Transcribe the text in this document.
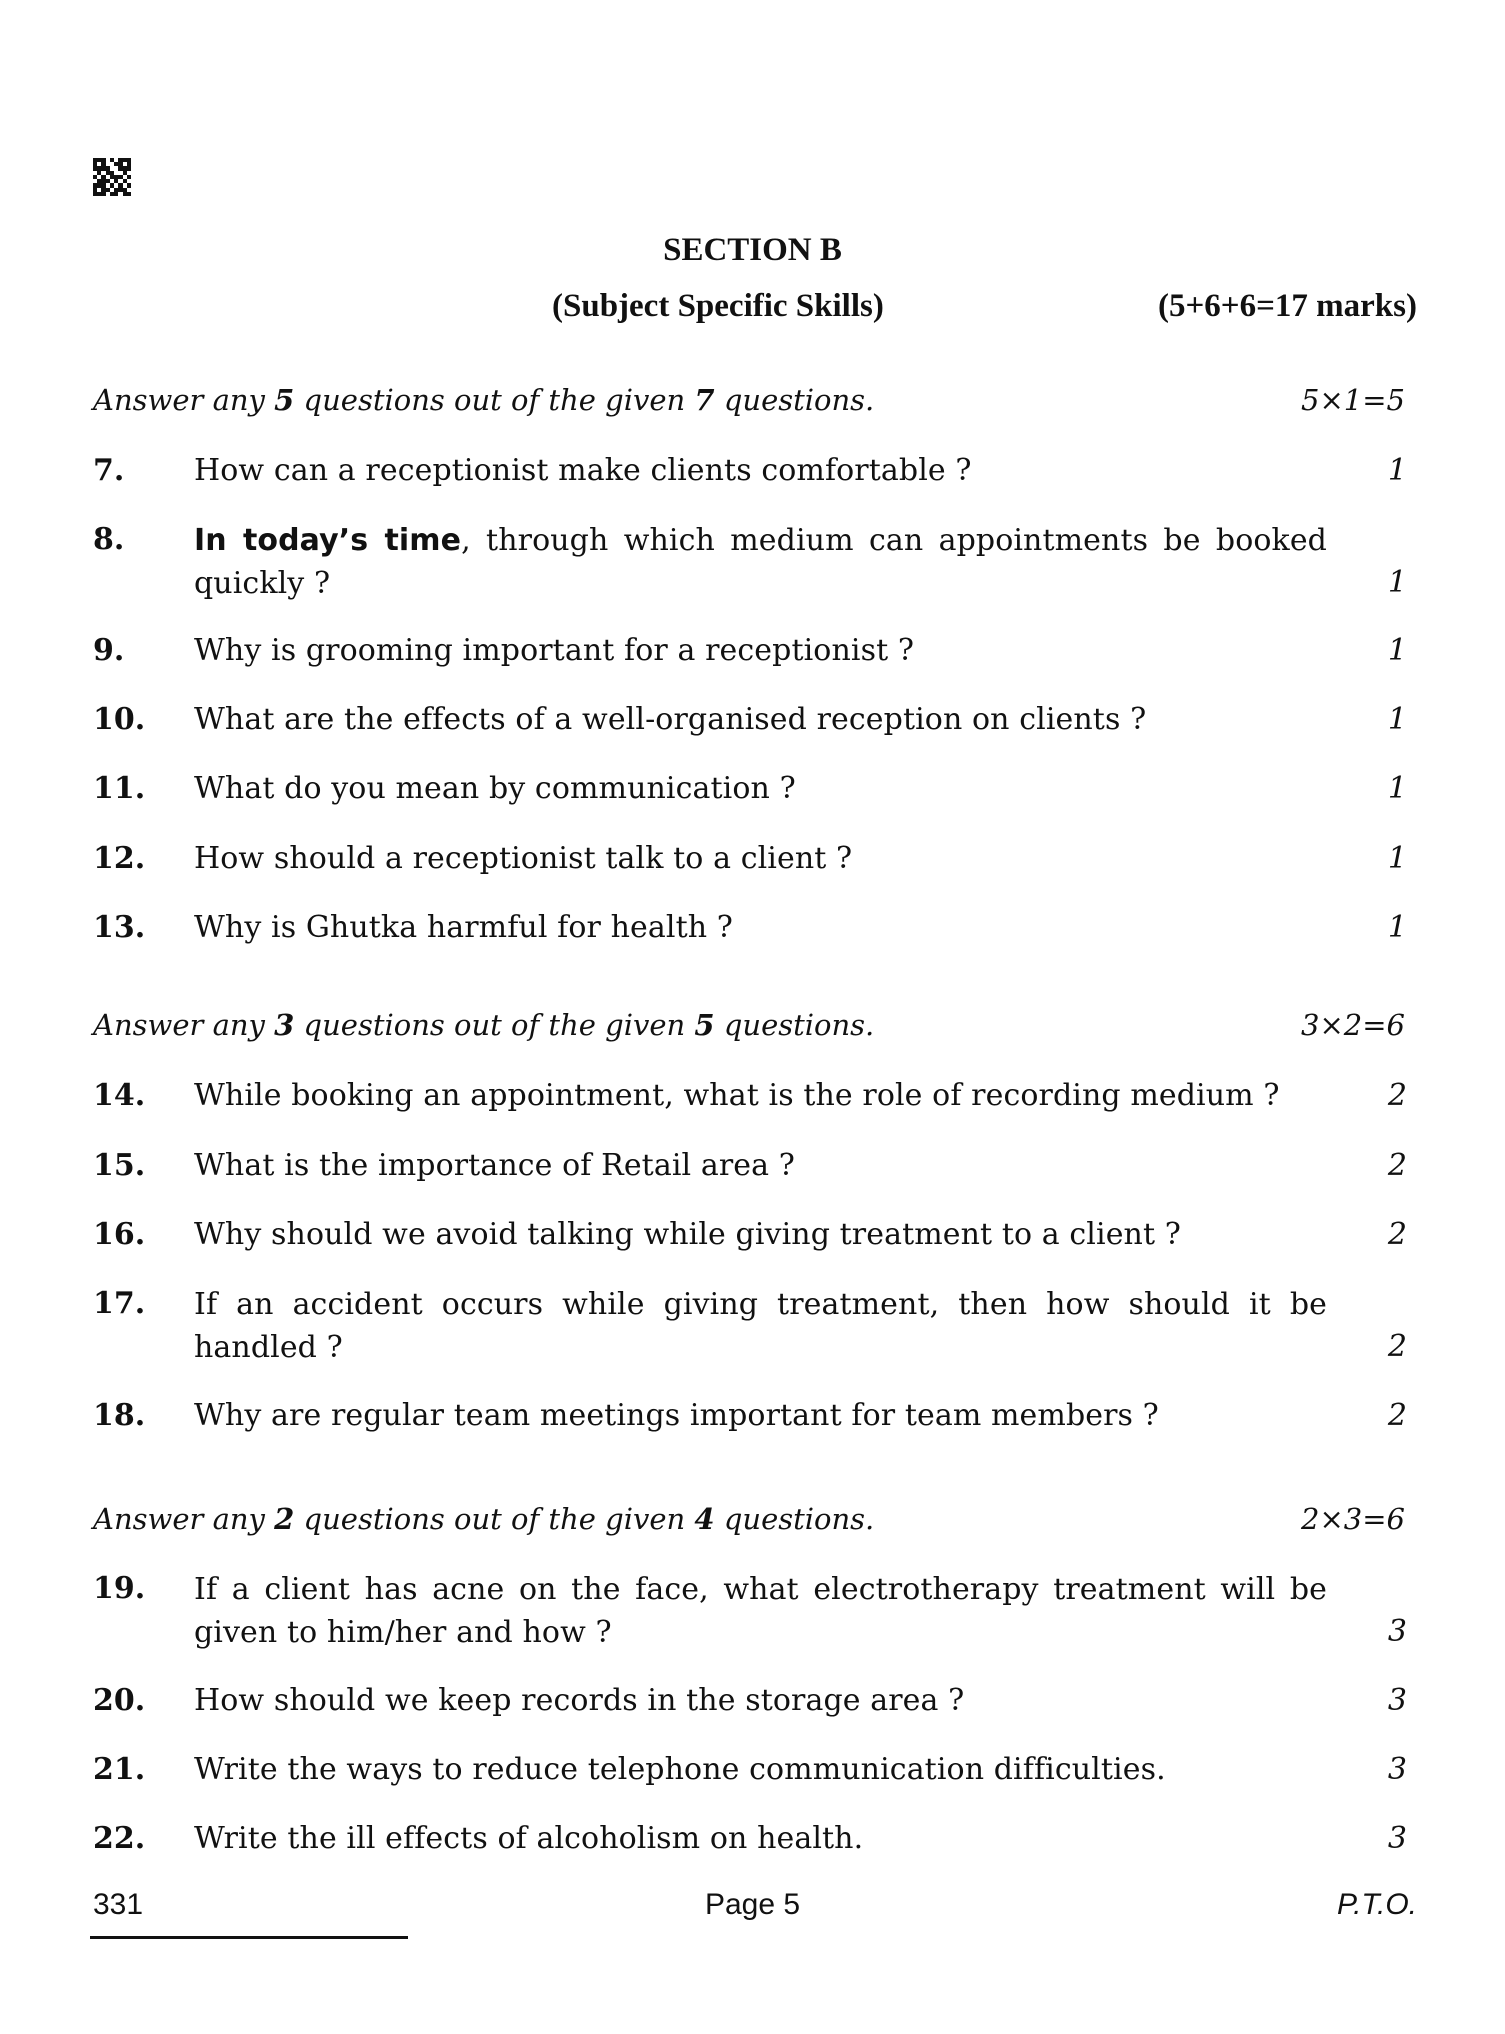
SECTION B
(Subject Specific Skills)	(5+6+6=17 marks)
Answer any 5 questions out of the given 7 questions.	5×1=5
7. How can a receptionist make clients comfortable ?	1
8. In today’s time, through which medium can appointments be booked
quickly ?	1
9. Why is grooming important for a receptionist ?	1
10. What are the effects of a well-organised reception on clients ?	1
11. What do you mean by communication ?	1
12. How should a receptionist talk to a client ?	1
13. Why is Ghutka harmful for health ?	1
Answer any 3 questions out of the given 5 questions.	3×2=6
14. While booking an appointment, what is the role of recording medium ?	2
15. What is the importance of Retail area ?	2
16. Why should we avoid talking while giving treatment to a client ?	2
17. If an accident occurs while giving treatment, then how should it be
handled ?	2
18. Why are regular team meetings important for team members ?	2
Answer any 2 questions out of the given 4 questions.	2×3=6
19. If a client has acne on the face, what electrotherapy treatment will be
given to him/her and how ?	3
20. How should we keep records in the storage area ?	3
21. Write the ways to reduce telephone communication difficulties.	3
22. Write the ill effects of alcoholism on health.	3
331	Page 5	P.T.O.
